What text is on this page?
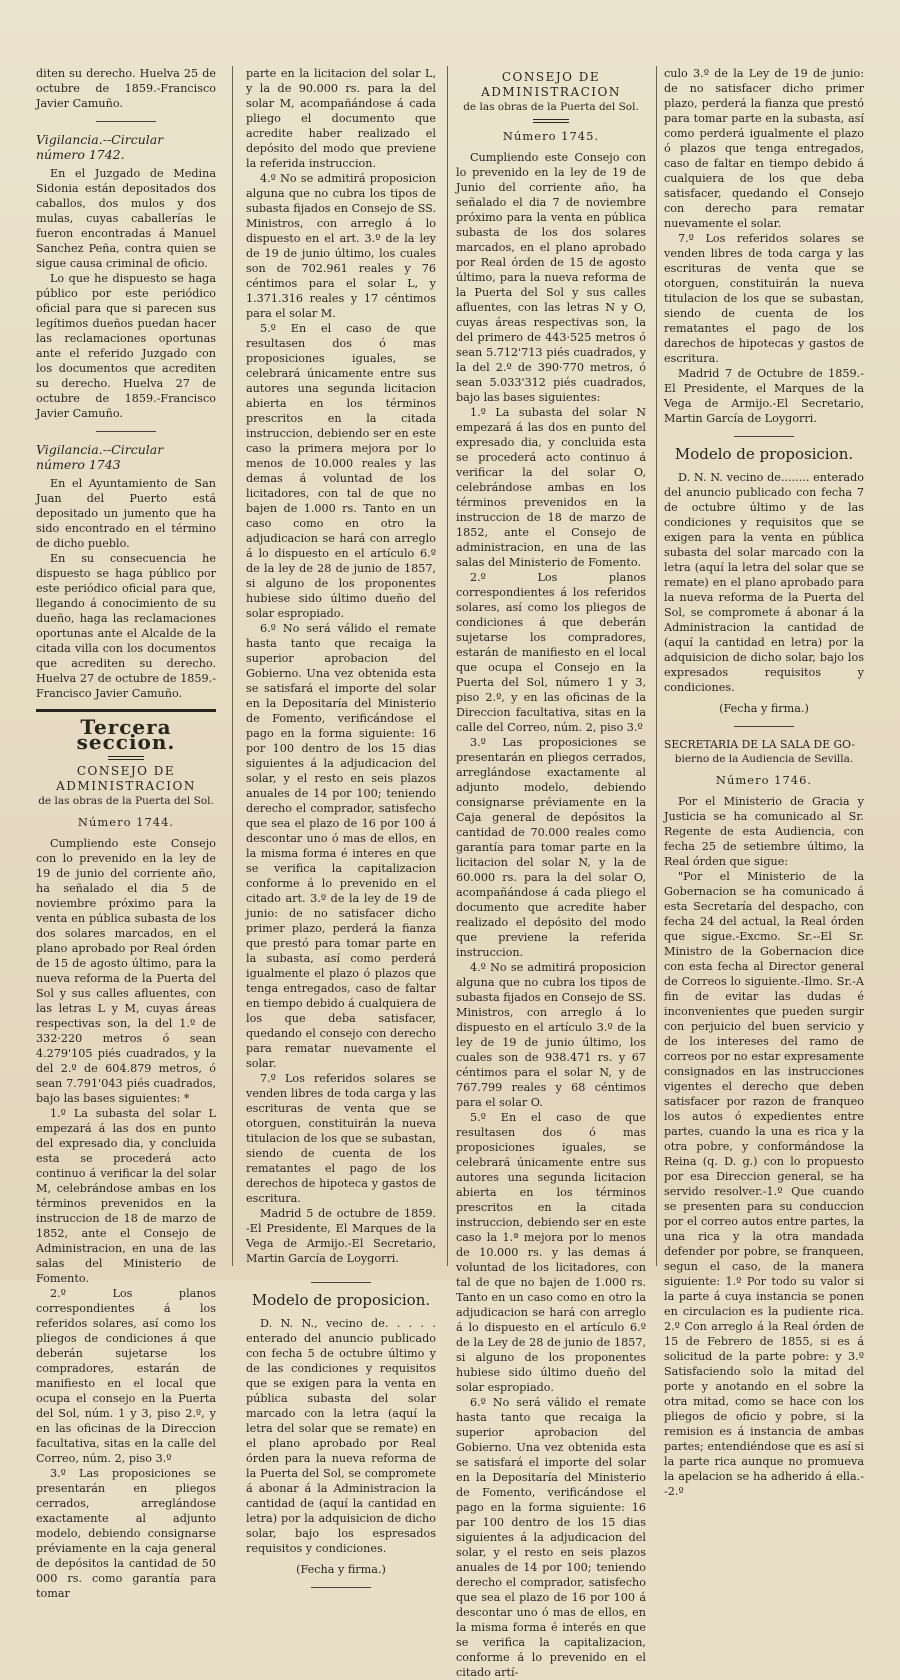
diten su derecho. Huelva 25 de octubre de 1859.-Francisco Javier Camuño.

Vigilancia.--Circular número 1742.

En el Juzgado de Medina Sidonia están depositados dos caballos, dos mulos y dos mulas, cuyas caballerías le fueron encontradas á Manuel Sanchez Peña, contra quien se sigue causa criminal de oficio.

Lo que he dispuesto se haga público por este periódico oficial para que si parecen sus legítimos dueños puedan hacer las reclamaciones oportunas ante el referido Juzgado con los documentos que acrediten su derecho. Huelva 27 de octubre de 1859.-Francisco Javier Camuño.

Vigilancia.--Circular número 1743

En el Ayuntamiento de San Juan del Puerto está depositado un jumento que ha sido encontrado en el término de dicho pueblo.

En su consecuencia he dispuesto se haga público por este periódico oficial para que, llegando á conocimiento de su dueño, haga las reclamaciones oportunas ante el Alcalde de la citada villa con los documentos que acrediten su derecho. Huelva 27 de octubre de 1859.-Francisco Javier Camuño.

Tercera seccion.

CONSEJO DE ADMINISTRACION

de las obras de la Puerta del Sol.

Número 1744.

Cumpliendo este Consejo con lo prevenido en la ley de 19 de junio del corriente año, ha señalado el dia 5 de noviembre próximo para la venta en pública subasta de los dos solares marcados, en el plano aprobado por Real órden de 15 de agosto último, para la nueva reforma de la Puerta del Sol y sus calles afluentes, con las letras L y M, cuyas áreas respectivas son, la del 1.º de 332·220 metros ó sean 4.279'105 piés cuadrados, y la del 2.º de 604.879 metros, ó sean 7.791'043 piés cuadrados, bajo las bases siguientes: *

1.º La subasta del solar L empezará á las dos en punto del expresado dia, y concluida esta se procederá acto continuo á verificar la del solar M, celebrándose ambas en los términos prevenidos en la instruccion de 18 de marzo de 1852, ante el Consejo de Administracion, en una de las salas del Ministerio de Fomento.

2.º Los planos correspondientes á los referidos solares, así como los pliegos de condiciones á que deberán sujetarse los compradores, estarán de manifiesto en el local que ocupa el consejo en la Puerta del Sol, núm. 1 y 3, piso 2.º, y en las oficinas de la Direccion facultativa, sitas en la calle del Correo, núm. 2, piso 3.º

3.º Las proposiciones se presentarán en pliegos cerrados, arreglándose exactamente al adjunto modelo, debiendo consignarse préviamente en la caja general de depósitos la cantidad de 50 000 rs. como garantía para tomar

parte en la licitacion del solar L, y la de 90.000 rs. para la del solar M, acompañándose á cada pliego el documento que acredite haber realizado el depósito del modo que previene la referida instruccion.

4.º No se admitirá proposicion alguna que no cubra los tipos de subasta fijados en Consejo de SS. Ministros, con arreglo á lo dispuesto en el art. 3.º de la ley de 19 de junio último, los cuales son de 702.961 reales y 76 céntimos para el solar L, y 1.371.316 reales y 17 céntimos para el solar M.

5.º En el caso de que resultasen dos ó mas proposiciones iguales, se celebrará únicamente entre sus autores una segunda licitacion abierta en los términos prescritos en la citada instruccion, debiendo ser en este caso la primera mejora por lo menos de 10.000 reales y las demas á voluntad de los licitadores, con tal de que no bajen de 1.000 rs. Tanto en un caso como en otro la adjudicacion se hará con arreglo á lo dispuesto en el artículo 6.º de la ley de 28 de junio de 1857, si alguno de los proponentes hubiese sido último dueño del solar espropiado.

6.º No será válido el remate hasta tanto que recaiga la superior aprobacion del Gobierno. Una vez obtenida esta se satisfará el importe del solar en la Depositaría del Ministerio de Fomento, verificándose el pago en la forma siguiente: 16 por 100 dentro de los 15 dias siguientes á la adjudicacion del solar, y el resto en seis plazos anuales de 14 por 100; teniendo derecho el comprador, satisfecho que sea el plazo de 16 por 100 á descontar uno ó mas de ellos, en la misma forma é interes en que se verifica la capitalizacion conforme á lo prevenido en el citado art. 3.º de la ley de 19 de junio: de no satisfacer dicho primer plazo, perderá la fianza que prestó para tomar parte en la subasta, así como perderá igualmente el plazo ó plazos que tenga entregados, caso de faltar en tiempo debido á cualquiera de los que deba satisfacer, quedando el consejo con derecho para rematar nuevamente el solar.

7.º Los referidos solares se venden libres de toda carga y las escrituras de venta que se otorguen, constituirán la nueva titulacion de los que se subastan, siendo de cuenta de los rematantes el pago de los derechos de hipoteca y gastos de escritura.

Madrid 5 de octubre de 1859. -El Presidente, El Marques de la Vega de Armijo.-El Secretario, Martin García de Loygorri.

Modelo de proposicion.

D. N. N., vecino de. . . . . enterado del anuncio publicado con fecha 5 de octubre último y de las condiciones y requisitos que se exigen para la venta en pública subasta del solar marcado con la letra (aquí la letra del solar que se remate) en el plano aprobado por Real órden para la nueva reforma de la Puerta del Sol, se compromete á abonar á la Administracion la cantidad de (aquí la cantidad en letra) por la adquisicion de dicho solar, bajo los espresados requisitos y condiciones.

(Fecha y firma.)

CONSEJO DE ADMINISTRACION

de las obras de la Puerta del Sol.

Número 1745.

Cumpliendo este Consejo con lo prevenido en la ley de 19 de Junio del corriente año, ha señalado el dia 7 de noviembre próximo para la venta en pública subasta de los dos solares marcados, en el plano aprobado por Real órden de 15 de agosto último, para la nueva reforma de la Puerta del Sol y sus calles afluentes, con las letras N y O, cuyas áreas respectivas son, la del primero de 443·525 metros ó sean 5.712'713 piés cuadrados, y la del 2.º de 390·770 metros, ó sean 5.033'312 piés cuadrados, bajo las bases siguientes:

1.º La subasta del solar N empezará á las dos en punto del expresado dia, y concluida esta se procederá acto continuo á verificar la del solar O, celebrándose ambas en los términos prevenidos en la instruccion de 18 de marzo de 1852, ante el Consejo de administracion, en una de las salas del Ministerio de Fomento.

2.º Los planos correspondientes á los referidos solares, así como los pliegos de condiciones á que deberán sujetarse los compradores, estarán de manifiesto en el local que ocupa el Consejo en la Puerta del Sol, número 1 y 3, piso 2.º, y en las oficinas de la Direccion facultativa, sitas en la calle del Correo, núm. 2, piso 3.º

3.º Las proposiciones se presentarán en pliegos cerrados, arreglándose exactamente al adjunto modelo, debiendo consignarse préviamente en la Caja general de depósitos la cantidad de 70.000 reales como garantía para tomar parte en la licitacion del solar N, y la de 60.000 rs. para la del solar O, acompañándose á cada pliego el documento que acredite haber realizado el depósito del modo que previene la referida instruccion.

4.º No se admitirá proposicion alguna que no cubra los tipos de subasta fijados en Consejo de SS. Ministros, con arreglo á lo dispuesto en el artículo 3.º de la ley de 19 de junio último, los cuales son de 938.471 rs. y 67 céntimos para el solar N, y de 767.799 reales y 68 céntimos para el solar O.

5.º En el caso de que resultasen dos ó mas proposiciones iguales, se celebrará únicamente entre sus autores una segunda licitacion abierta en los términos prescritos en la citada instruccion, debiendo ser en este caso la 1.ª mejora por lo menos de 10.000 rs. y las demas á voluntad de los licitadores, con tal de que no bajen de 1.000 rs. Tanto en un caso como en otro la adjudicacion se hará con arreglo á lo dispuesto en el artículo 6.º de la Ley de 28 de junio de 1857, si alguno de los proponentes hubiese sido último dueño del solar espropiado.

6.º No será válido el remate hasta tanto que recaiga la superior aprobacion del Gobierno. Una vez obtenida esta se satisfará el importe del solar en la Depositaría del Ministerio de Fomento, verificándose el pago en la forma siguiente: 16 par 100 dentro de los 15 dias siguientes á la adjudicacion del solar, y el resto en seis plazos anuales de 14 por 100; teniendo derecho el comprador, satisfecho que sea el plazo de 16 por 100 á descontar uno ó mas de ellos, en la misma forma é interés en que se verifica la capitalizacion, conforme á lo prevenido en el citado artí-

culo 3.º de la Ley de 19 de junio: de no satisfacer dicho primer plazo, perderá la fianza que prestó para tomar parte en la subasta, así como perderá igualmente el plazo ó plazos que tenga entregados, caso de faltar en tiempo debido á cualquiera de los que deba satisfacer, quedando el Consejo con derecho para rematar nuevamente el solar.

7.º Los referidos solares se venden libres de toda carga y las escrituras de venta que se otorguen, constituirán la nueva titulacion de los que se subastan, siendo de cuenta de los rematantes el pago de los darechos de hipotecas y gastos de escritura.

Madrid 7 de Octubre de 1859.-El Presidente, el Marques de la Vega de Armijo.-El Secretario, Martin García de Loygorri.

Modelo de proposicion.

D. N. N. vecino de........ enterado del anuncio publicado con fecha 7 de octubre último y de las condiciones y requisitos que se exigen para la venta en pública subasta del solar marcado con la letra (aquí la letra del solar que se remate) en el plano aprobado para la nueva reforma de la Puerta del Sol, se compromete á abonar á la Administracion la cantidad de (aquí la cantidad en letra) por la adquisicion de dicho solar, bajo los expresados requisitos y condiciones.

(Fecha y firma.)

SECRETARIA DE LA SALA DE GO-

bierno de la Audiencia de Sevilla.

Número 1746.

Por el Ministerio de Gracia y Justicia se ha comunicado al Sr. Regente de esta Audiencia, con fecha 25 de setiembre último, la Real órden que sigue:

"Por el Ministerio de la Gobernacion se ha comunicado á esta Secretaría del despacho, con fecha 24 del actual, la Real órden que sigue.-Excmo. Sr.--El Sr. Ministro de la Gobernacion dice con esta fecha al Director general de Correos lo siguiente.-Ilmo. Sr.-A fin de evitar las dudas é inconvenientes que pueden surgir con perjuicio del buen servicio y de los intereses del ramo de correos por no estar expresamente consignados en las instrucciones vigentes el derecho que deben satisfacer por razon de franqueo los autos ó expedientes entre partes, cuando la una es rica y la otra pobre, y conformándose la Reina (q. D. g.) con lo propuesto por esa Direccion general, se ha servido resolver.-1.º Que cuando se presenten para su conduccion por el correo autos entre partes, la una rica y la otra mandada defender por pobre, se franqueen, segun el caso, de la manera siguiente: 1.º Por todo su valor si la parte á cuya instancia se ponen en circulacion es la pudiente rica. 2.º Con arreglo á la Real órden de 15 de Febrero de 1855, si es á solicitud de la parte pobre: y 3.º Satisfaciendo solo la mitad del porte y anotando en el sobre la otra mitad, como se hace con los pliegos de oficio y pobre, si la remision es á instancia de ambas partes; entendiéndose que es así si la parte rica aunque no promueva la apelacion se ha adherido á ella.--2.º
